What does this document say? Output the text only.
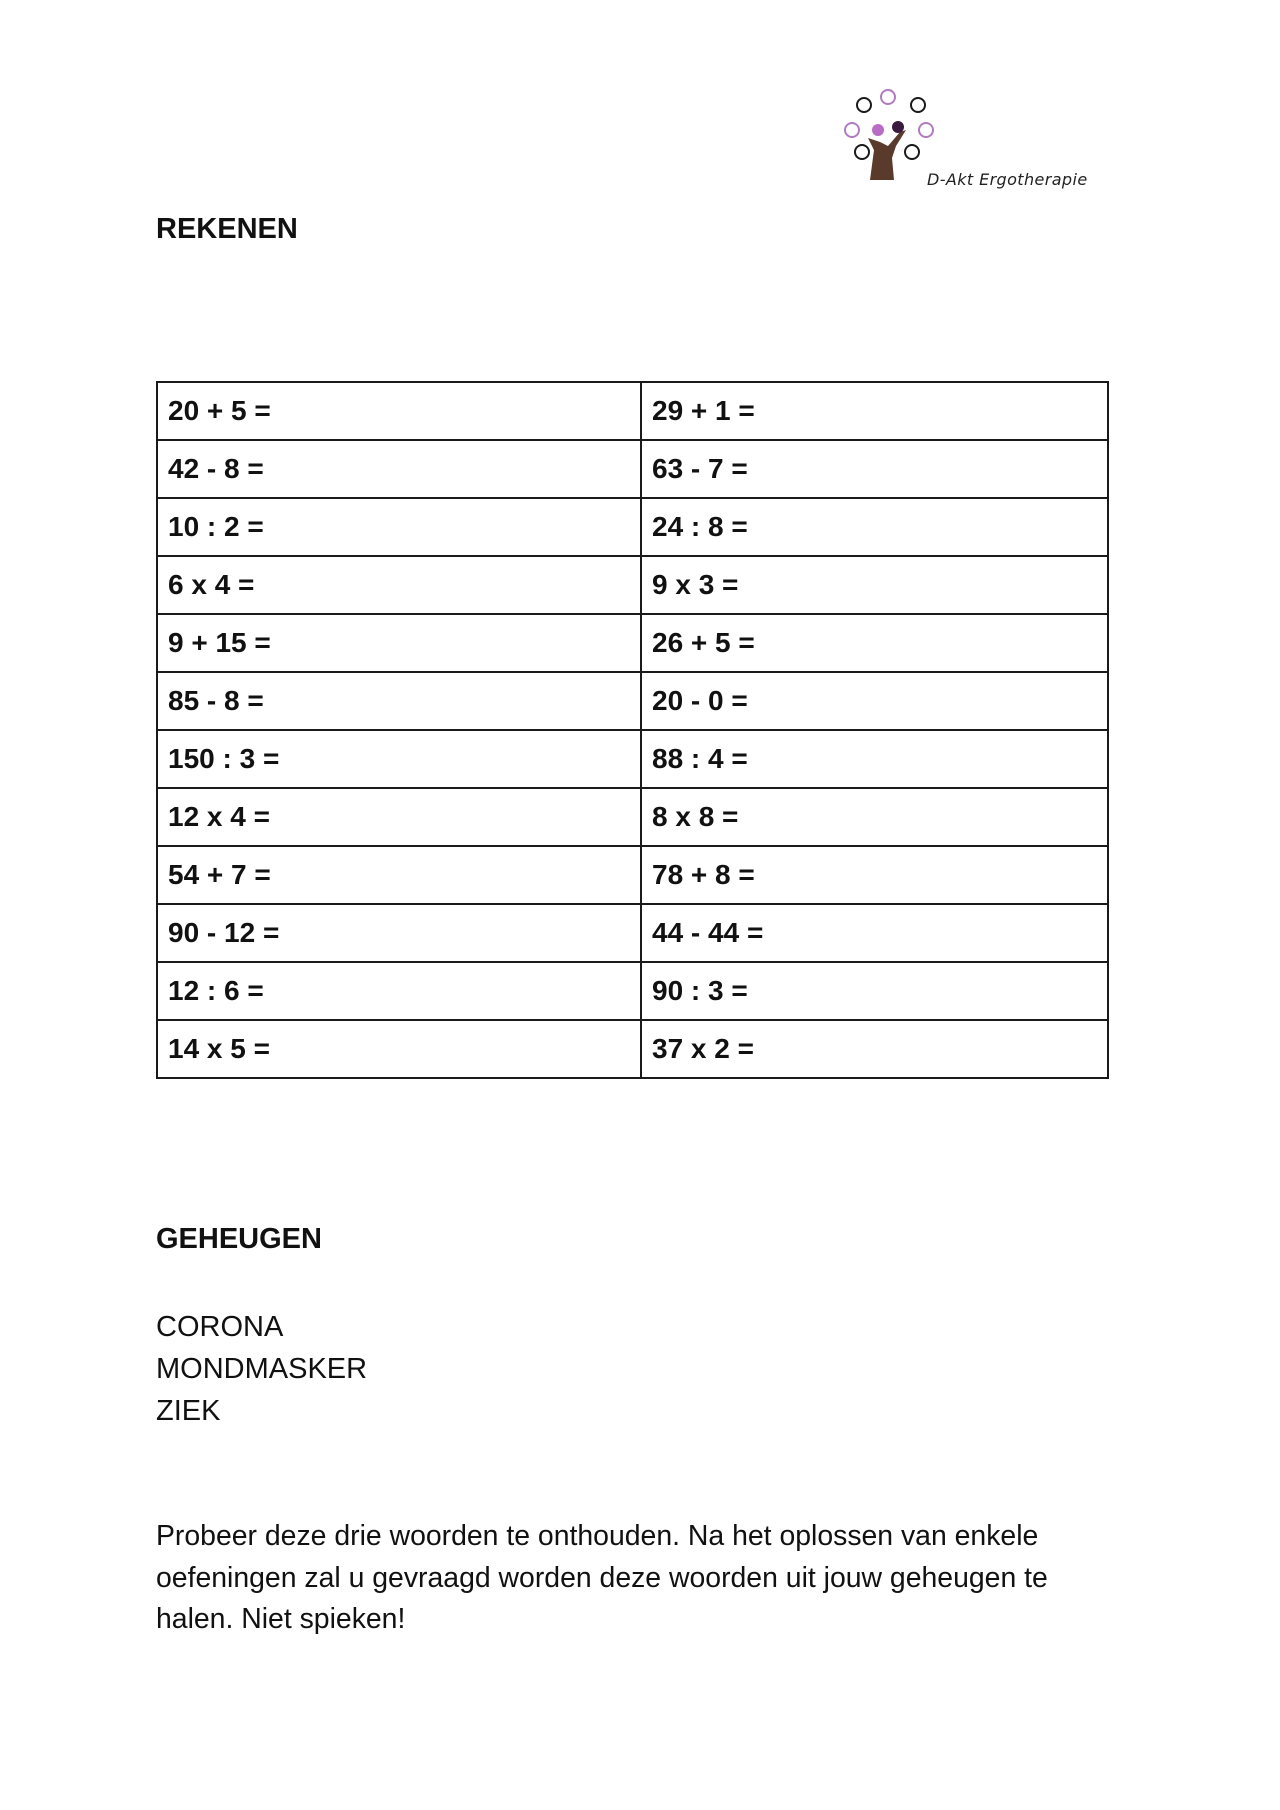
D-Akt Ergotherapie
REKENEN
20 + 5 =	29 + 1 =
42 - 8 =	63 - 7 =
10 : 2 =	24 : 8 =
6 x 4 =	9 x 3 =
9 + 15 =	26 + 5 =
85 - 8 =	20 - 0 =
150 : 3 =	88 : 4 =
12 x 4 =	8 x 8 =
54 + 7 =	78 + 8 =
90 - 12 =	44 - 44 =
12 : 6 =	90 : 3 =
14 x 5 =	37 x 2 =
GEHEUGEN
CORONA
MONDMASKER
ZIEK
Probeer deze drie woorden te onthouden. Na het oplossen van enkele
oefeningen zal u gevraagd worden deze woorden uit jouw geheugen te
halen. Niet spieken!
